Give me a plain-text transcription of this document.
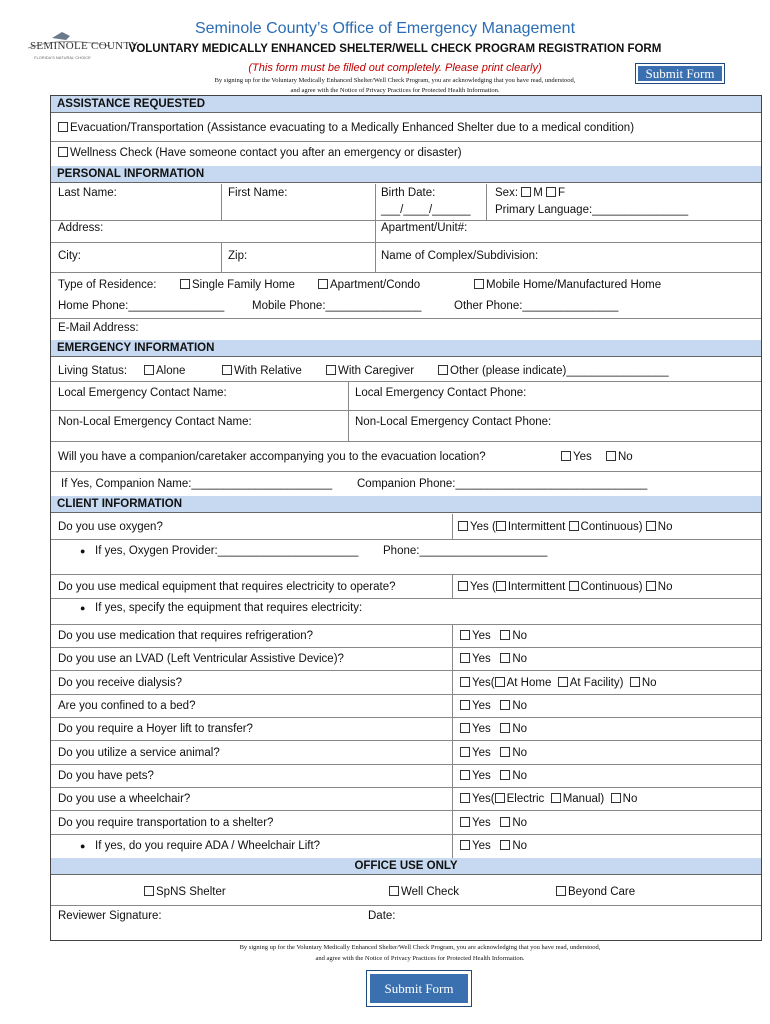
SEMINOLE COUNTY
FLORIDA'S NATURAL CHOICE
Seminole County’s Office of Emergency Management
VOLUNTARY MEDICALLY ENHANCED SHELTER/WELL CHECK PROGRAM REGISTRATION FORM
(This form must be filled out completely. Please print clearly)
By signing up for the Voluntary Medically Enhanced Shelter/Well Check Program, you are acknowledging that you have read, understood,
and agree with the Notice of Privacy Practices for Protected Health Information.
Submit Form
ASSISTANCE REQUESTED
Evacuation/Transportation (Assistance evacuating to a Medically Enhanced Shelter due to a medical condition)
Wellness Check (Have someone contact you after an emergency or disaster)
PERSONAL INFORMATION
Last Name:	First Name:	Birth Date:
___/____/______
Sex: M F
Primary Language:_______________
Address:	Apartment/Unit#:
City:	Zip:	Name of Complex/Subdivision:
Type of Residence:	Single Family Home	Apartment/Condo	Mobile Home/Manufactured Home
Home Phone:_______________ Mobile Phone:_______________	Other Phone:_______________
E-Mail Address:
EMERGENCY INFORMATION
Living Status:	Alone	With Relative	With Caregiver	Other (please indicate)________________
Local Emergency Contact Name:	Local Emergency Contact Phone:
Non-Local Emergency Contact Name:	Non-Local Emergency Contact Phone:
Will you have a companion/caretaker accompanying you to the evacuation location?	Yes	No
If Yes, Companion Name:______________________ Companion Phone:______________________________
CLIENT INFORMATION
Do you use oxygen?	Yes ( Intermittent Continuous) No
● If yes, Oxygen Provider:______________________ Phone:____________________
Do you use medical equipment that requires electricity to operate?	Yes ( Intermittent Continuous) No
● If yes, specify the equipment that requires electricity:
Do you use medication that requires refrigeration?	Yes No
Do you use an LVAD (Left Ventricular Assistive Device)?	Yes No
Do you receive dialysis?	Yes( At Home At Facility) No
Are you confined to a bed?	Yes No
Do you require a Hoyer lift to transfer?	Yes No
Do you utilize a service animal?	Yes No
Do you have pets?	Yes No
Do you use a wheelchair?	Yes( Electric Manual) No
Do you require transportation to a shelter?	Yes No
● If yes, do you require ADA / Wheelchair Lift?	Yes No
OFFICE USE ONLY
SpNS Shelter	Well Check	Beyond Care
Reviewer Signature:	Date:
By signing up for the Voluntary Medically Enhanced Shelter/Well Check Program, you are acknowledging that you have read, understood,
and agree with the Notice of Privacy Practices for Protected Health Information.
Submit Form
